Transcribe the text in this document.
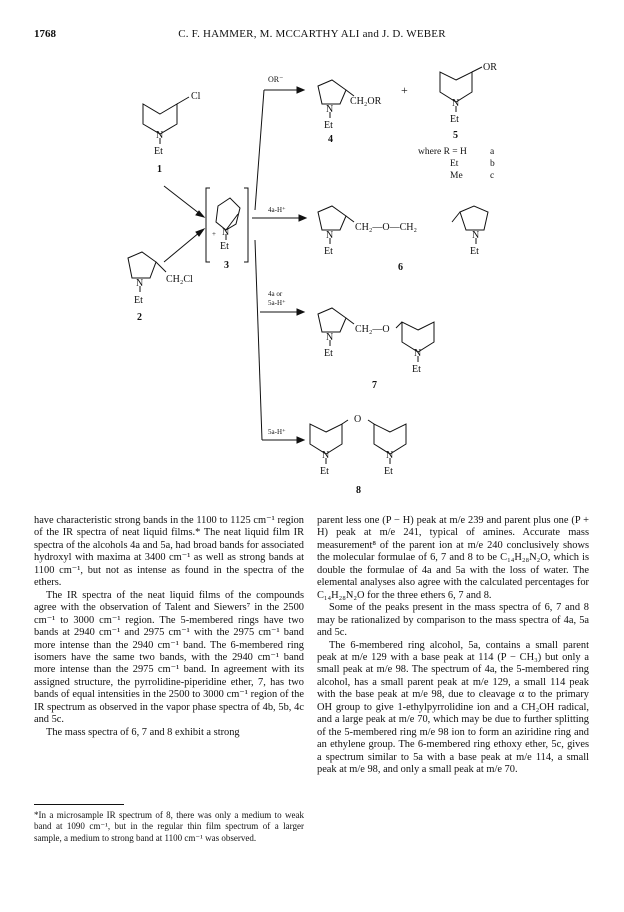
1768	C. F. HAMMER, M. MCCARTHY ALI and J. D. WEBER
Cl
N
Et
1
N CH₂Cl
Et
2
+ N
Et
3
OR⁻
4a-H⁺
4a or
5a-H⁺
5a-H⁺
N
CH₂OR
Et
4
+
OR
N
Et
5
where R = H a
Et	b
Me	c
N
CH₂—O—CH₂
N
Et	Et
6
N
CH₂—O
N
Et
Et
7
O
N	N
Et	Et
8

have characteristic strong bands in the 1100 to 1125 cm⁻¹ region of the IR spectra of neat liquid films.* The neat liquid film IR spectra of the alcohols 4a and 5a, had broad bands for associated hydroxyl with maxima at 3400 cm⁻¹ as well as strong bands at 1100 cm⁻¹, but not as intense as found in the spectra of the ethers.

The IR spectra of the neat liquid films of the compounds agree with the observation of Talent and Siewers⁷ in the 2500 cm⁻¹ to 3000 cm⁻¹ region. The 5-membered rings have two bands at 2940 cm⁻¹ and 2975 cm⁻¹ with the 2975 cm⁻¹ band more intense than the 2940 cm⁻¹ band. The 6-membered ring isomers have the same two bands, with the 2940 cm⁻¹ band more intense than the 2975 cm⁻¹ band. In agreement with its assigned structure, the pyrrolidine-piperidine ether, 7, has two bands of equal intensities in the 2500 to 3000 cm⁻¹ region of the IR spectrum as observed in the vapor phase spectra of 4b, 5b, 4c and 5c.

The mass spectra of 6, 7 and 8 exhibit a strong

parent less one (P − H) peak at m/e 239 and parent plus one (P + H) peak at m/e 241, typical of amines. Accurate mass measurement⁸ of the parent ion at m/e 240 conclusively shows the molecular formulae of 6, 7 and 8 to be C₁₄H₂₈N₂O, which is double the formulae of 4a and 5a with the loss of water. The elemental analyses also agree with the calculated percentages for C₁₄H₂₈N₂O for the three ethers 6, 7 and 8.

Some of the peaks present in the mass spectra of 6, 7 and 8 may be rationalized by comparison to the mass spectra of 4a, 5a and 5c.

The 6-membered ring alcohol, 5a, contains a small parent peak at m/e 129 with a base peak at 114 (P − CH₃) but only a small peak at m/e 98. The spectrum of 4a, the 5-membered ring alcohol, has a small parent peak at m/e 129, a small 114 peak with the base peak at m/e 98, due to cleavage α to the primary OH group to give 1-ethylpyrrolidine ion and a CH₂OH radical, and a large peak at m/e 70, which may be due to further splitting of the 5-membered ring m/e 98 ion to form an aziridine ring and an ethylene group. The 6-membered ring ethoxy ether, 5c, gives a spectrum similar to 5a with a base peak at m/e 114, a small peak at m/e 98, and only a small peak at m/e 70.

*In a microsample IR spectrum of 8, there was only a medium to weak band at 1090 cm⁻¹, but in the regular thin film spectrum of a larger sample, a medium to strong band at 1100 cm⁻¹ was observed.
